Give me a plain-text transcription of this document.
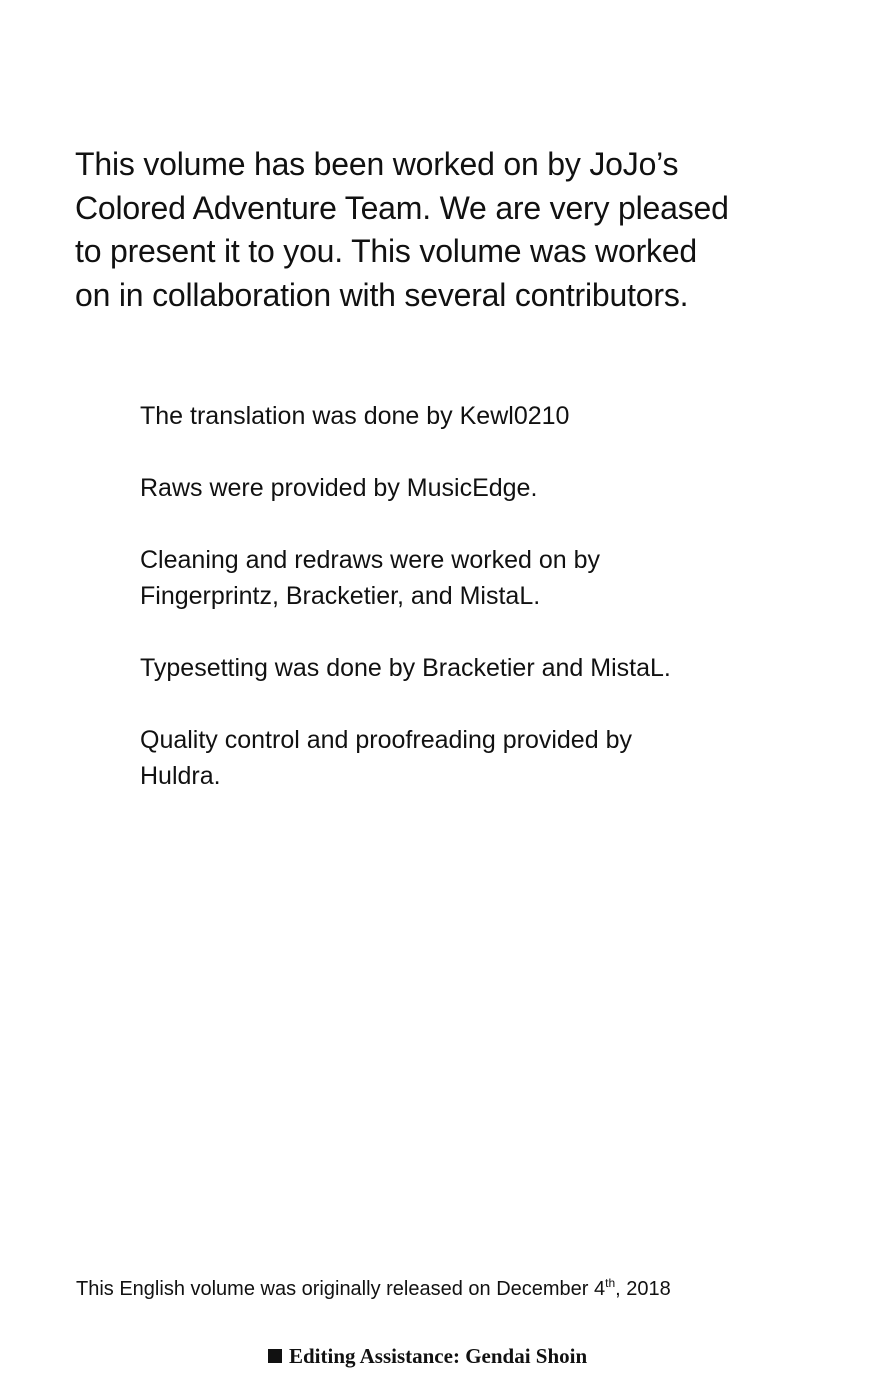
This volume has been worked on by JoJo’s
Colored Adventure Team. We are very pleased
to present it to you. This volume was worked
on in collaboration with several contributors.

The translation was done by Kewl0210

Raws were provided by MusicEdge.

Cleaning and redraws were worked on by
Fingerprintz, Bracketier, and MistaL.

Typesetting was done by Bracketier and MistaL.

Quality control and proofreading provided by
Huldra.

This English volume was originally released on December 4th, 2018
Editing Assistance: Gendai Shoin
